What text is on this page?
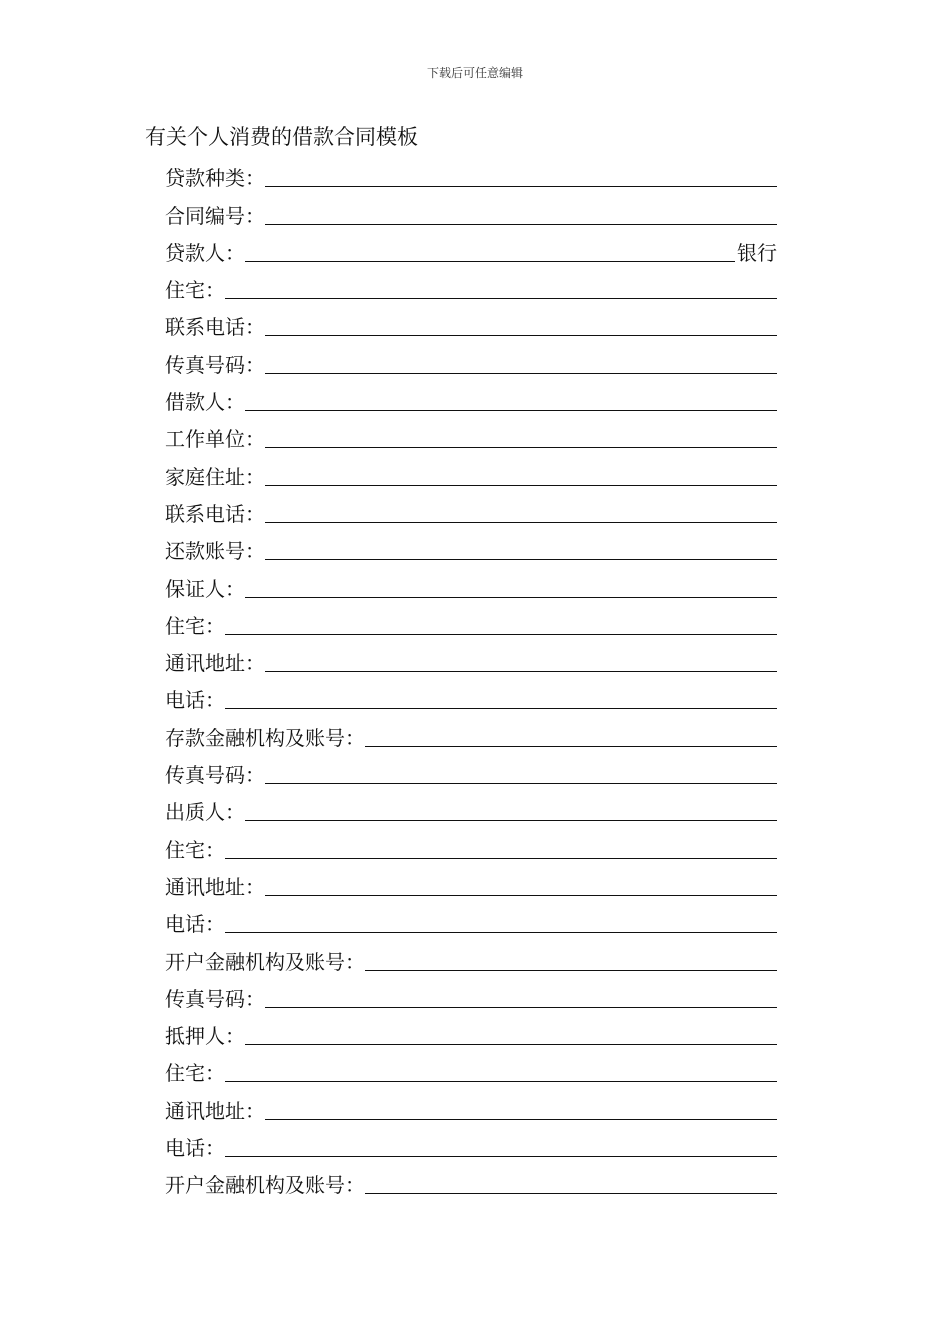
下载后可任意编辑
有关个人消费的借款合同模板
贷款种类：
合同编号：
贷款人：	银行
住宅：
联系电话：
传真号码：
借款人：
工作单位：
家庭住址：
联系电话：
还款账号：
保证人：
住宅：
通讯地址：
电话：
存款金融机构及账号：
传真号码：
出质人：
住宅：
通讯地址：
电话：
开户金融机构及账号：
传真号码：
抵押人：
住宅：
通讯地址：
电话：
开户金融机构及账号：
